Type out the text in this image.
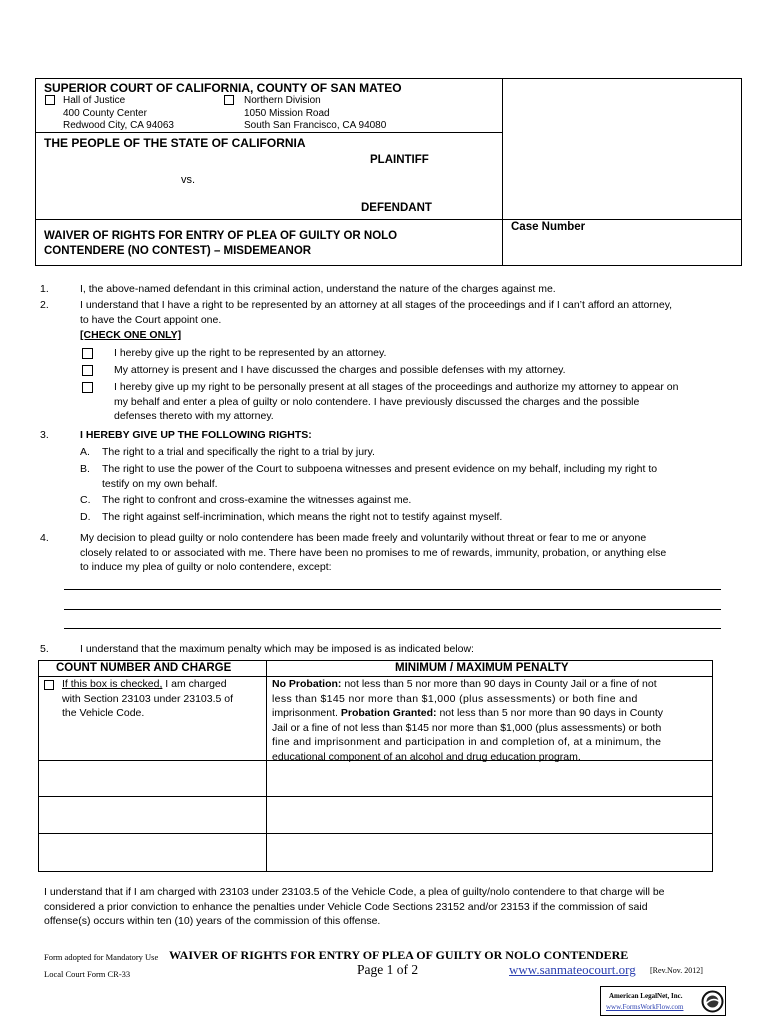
SUPERIOR COURT OF CALIFORNIA, COUNTY OF SAN MATEO
Hall of Justice
400 County Center
Redwood City, CA 94063
Northern Division
1050 Mission Road
South San Francisco, CA 94080
THE PEOPLE OF THE STATE OF CALIFORNIA
PLAINTIFF
vs.
DEFENDANT
WAIVER OF RIGHTS FOR ENTRY OF PLEA OF GUILTY OR NOLO
CONTENDERE (NO CONTEST) – MISDEMEANOR
Case Number
1.	I, the above-named defendant in this criminal action, understand the nature of the charges against me.
2.	I understand that I have a right to be represented by an attorney at all stages of the proceedings and if I can’t afford an attorney,
to have the Court appoint one.
[CHECK ONE ONLY]
I hereby give up the right to be represented by an attorney.
My attorney is present and I have discussed the charges and possible defenses with my attorney.
I hereby give up my right to be personally present at all stages of the proceedings and authorize my attorney to appear on
my behalf and enter a plea of guilty or nolo contendere. I have previously discussed the charges and the possible
defenses thereto with my attorney.
3.	I HEREBY GIVE UP THE FOLLOWING RIGHTS:
A. The right to a trial and specifically the right to a trial by jury.
B. The right to use the power of the Court to subpoena witnesses and present evidence on my behalf, including my right to
testify on my own behalf.
C. The right to confront and cross-examine the witnesses against me.
D. The right against self-incrimination, which means the right not to testify against myself.
4.	My decision to plead guilty or nolo contendere has been made freely and voluntarily without threat or fear to me or anyone
closely related to or associated with me. There have been no promises to me of rewards, immunity, probation, or anything else
to induce my plea of guilty or nolo contendere, except:
5.	I understand that the maximum penalty which may be imposed is as indicated below:
COUNT NUMBER AND CHARGE	MINIMUM / MAXIMUM PENALTY
If this box is checked, I am charged
with Section 23103 under 23103.5 of
the Vehicle Code.
No Probation: not less than 5 nor more than 90 days in County Jail or a fine of not
less than $145 nor more than $1,000 (plus assessments) or both fine and
imprisonment. Probation Granted: not less than 5 nor more than 90 days in County
Jail or a fine of not less than $145 nor more than $1,000 (plus assessments) or both
fine and imprisonment and participation in and completion of, at a minimum, the
educational component of an alcohol and drug education program.
I understand that if I am charged with 23103 under 23103.5 of the Vehicle Code, a plea of guilty/nolo contendere to that charge will be
considered a prior conviction to enhance the penalties under Vehicle Code Sections 23152 and/or 23153 if the commission of said
offense(s) occurs within ten (10) years of the commission of this offense.
Form adopted for Mandatory Use WAIVER OF RIGHTS FOR ENTRY OF PLEA OF GUILTY OR NOLO CONTENDERE
Local Court Form CR-33	Page 1 of 2	www.sanmateocourt.org [Rev.Nov. 2012]
American LegalNet, Inc.
www.FormsWorkFlow.com
